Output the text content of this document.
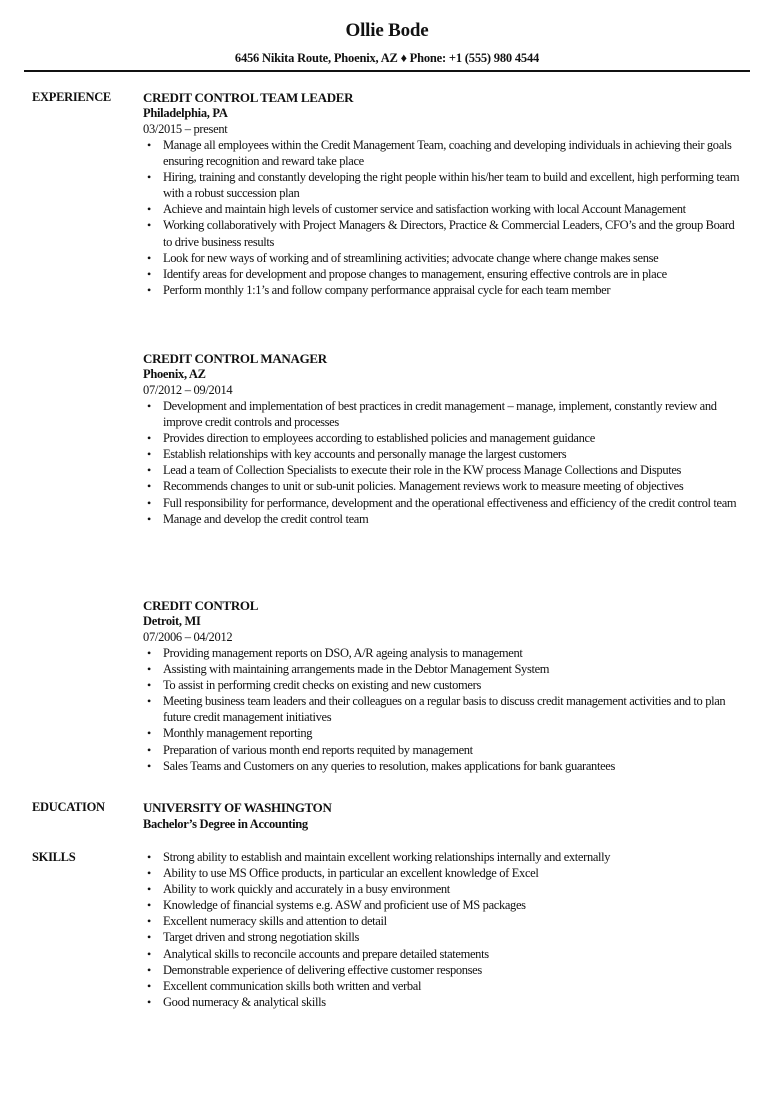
Ollie Bode
6456 Nikita Route, Phoenix, AZ ♦ Phone: +1 (555) 980 4544
EXPERIENCE CREDIT CONTROL TEAM LEADER
Philadelphia, PA
03/2015 – present
• Manage all employees within the Credit Management Team, coaching and developing individuals in achieving their goals ensuring recognition and reward take place
• Hiring, training and constantly developing the right people within his/her team to build and excellent, high performing team with a robust succession plan
• Achieve and maintain high levels of customer service and satisfaction working with local Account Management
• Working collaboratively with Project Managers & Directors, Practice & Commercial Leaders, CFO’s and the group Board to drive business results
• Look for new ways of working and of streamlining activities; advocate change where change makes sense
• Identify areas for development and propose changes to management, ensuring effective controls are in place
• Perform monthly 1:1’s and follow company performance appraisal cycle for each team member
CREDIT CONTROL MANAGER
Phoenix, AZ
07/2012 – 09/2014
• Development and implementation of best practices in credit management – manage, implement, constantly review and improve credit controls and processes
• Provides direction to employees according to established policies and management guidance
• Establish relationships with key accounts and personally manage the largest customers
• Lead a team of Collection Specialists to execute their role in the KW process Manage Collections and Disputes
• Recommends changes to unit or sub-unit policies. Management reviews work to measure meeting of objectives
• Full responsibility for performance, development and the operational effectiveness and efficiency of the credit control team
• Manage and develop the credit control team
CREDIT CONTROL
Detroit, MI
07/2006 – 04/2012
• Providing management reports on DSO, A/R ageing analysis to management
• Assisting with maintaining arrangements made in the Debtor Management System
• To assist in performing credit checks on existing and new customers
• Meeting business team leaders and their colleagues on a regular basis to discuss credit management activities and to plan future credit management initiatives
• Monthly management reporting
• Preparation of various month end reports requited by management
• Sales Teams and Customers on any queries to resolution, makes applications for bank guarantees
EDUCATION	UNIVERSITY OF WASHINGTON
Bachelor’s Degree in Accounting
SKILLS	• Strong ability to establish and maintain excellent working relationships internally and externally
• Ability to use MS Office products, in particular an excellent knowledge of Excel
• Ability to work quickly and accurately in a busy environment
• Knowledge of financial systems e.g. ASW and proficient use of MS packages
• Excellent numeracy skills and attention to detail
• Target driven and strong negotiation skills
• Analytical skills to reconcile accounts and prepare detailed statements
• Demonstrable experience of delivering effective customer responses
• Excellent communication skills both written and verbal
• Good numeracy & analytical skills
